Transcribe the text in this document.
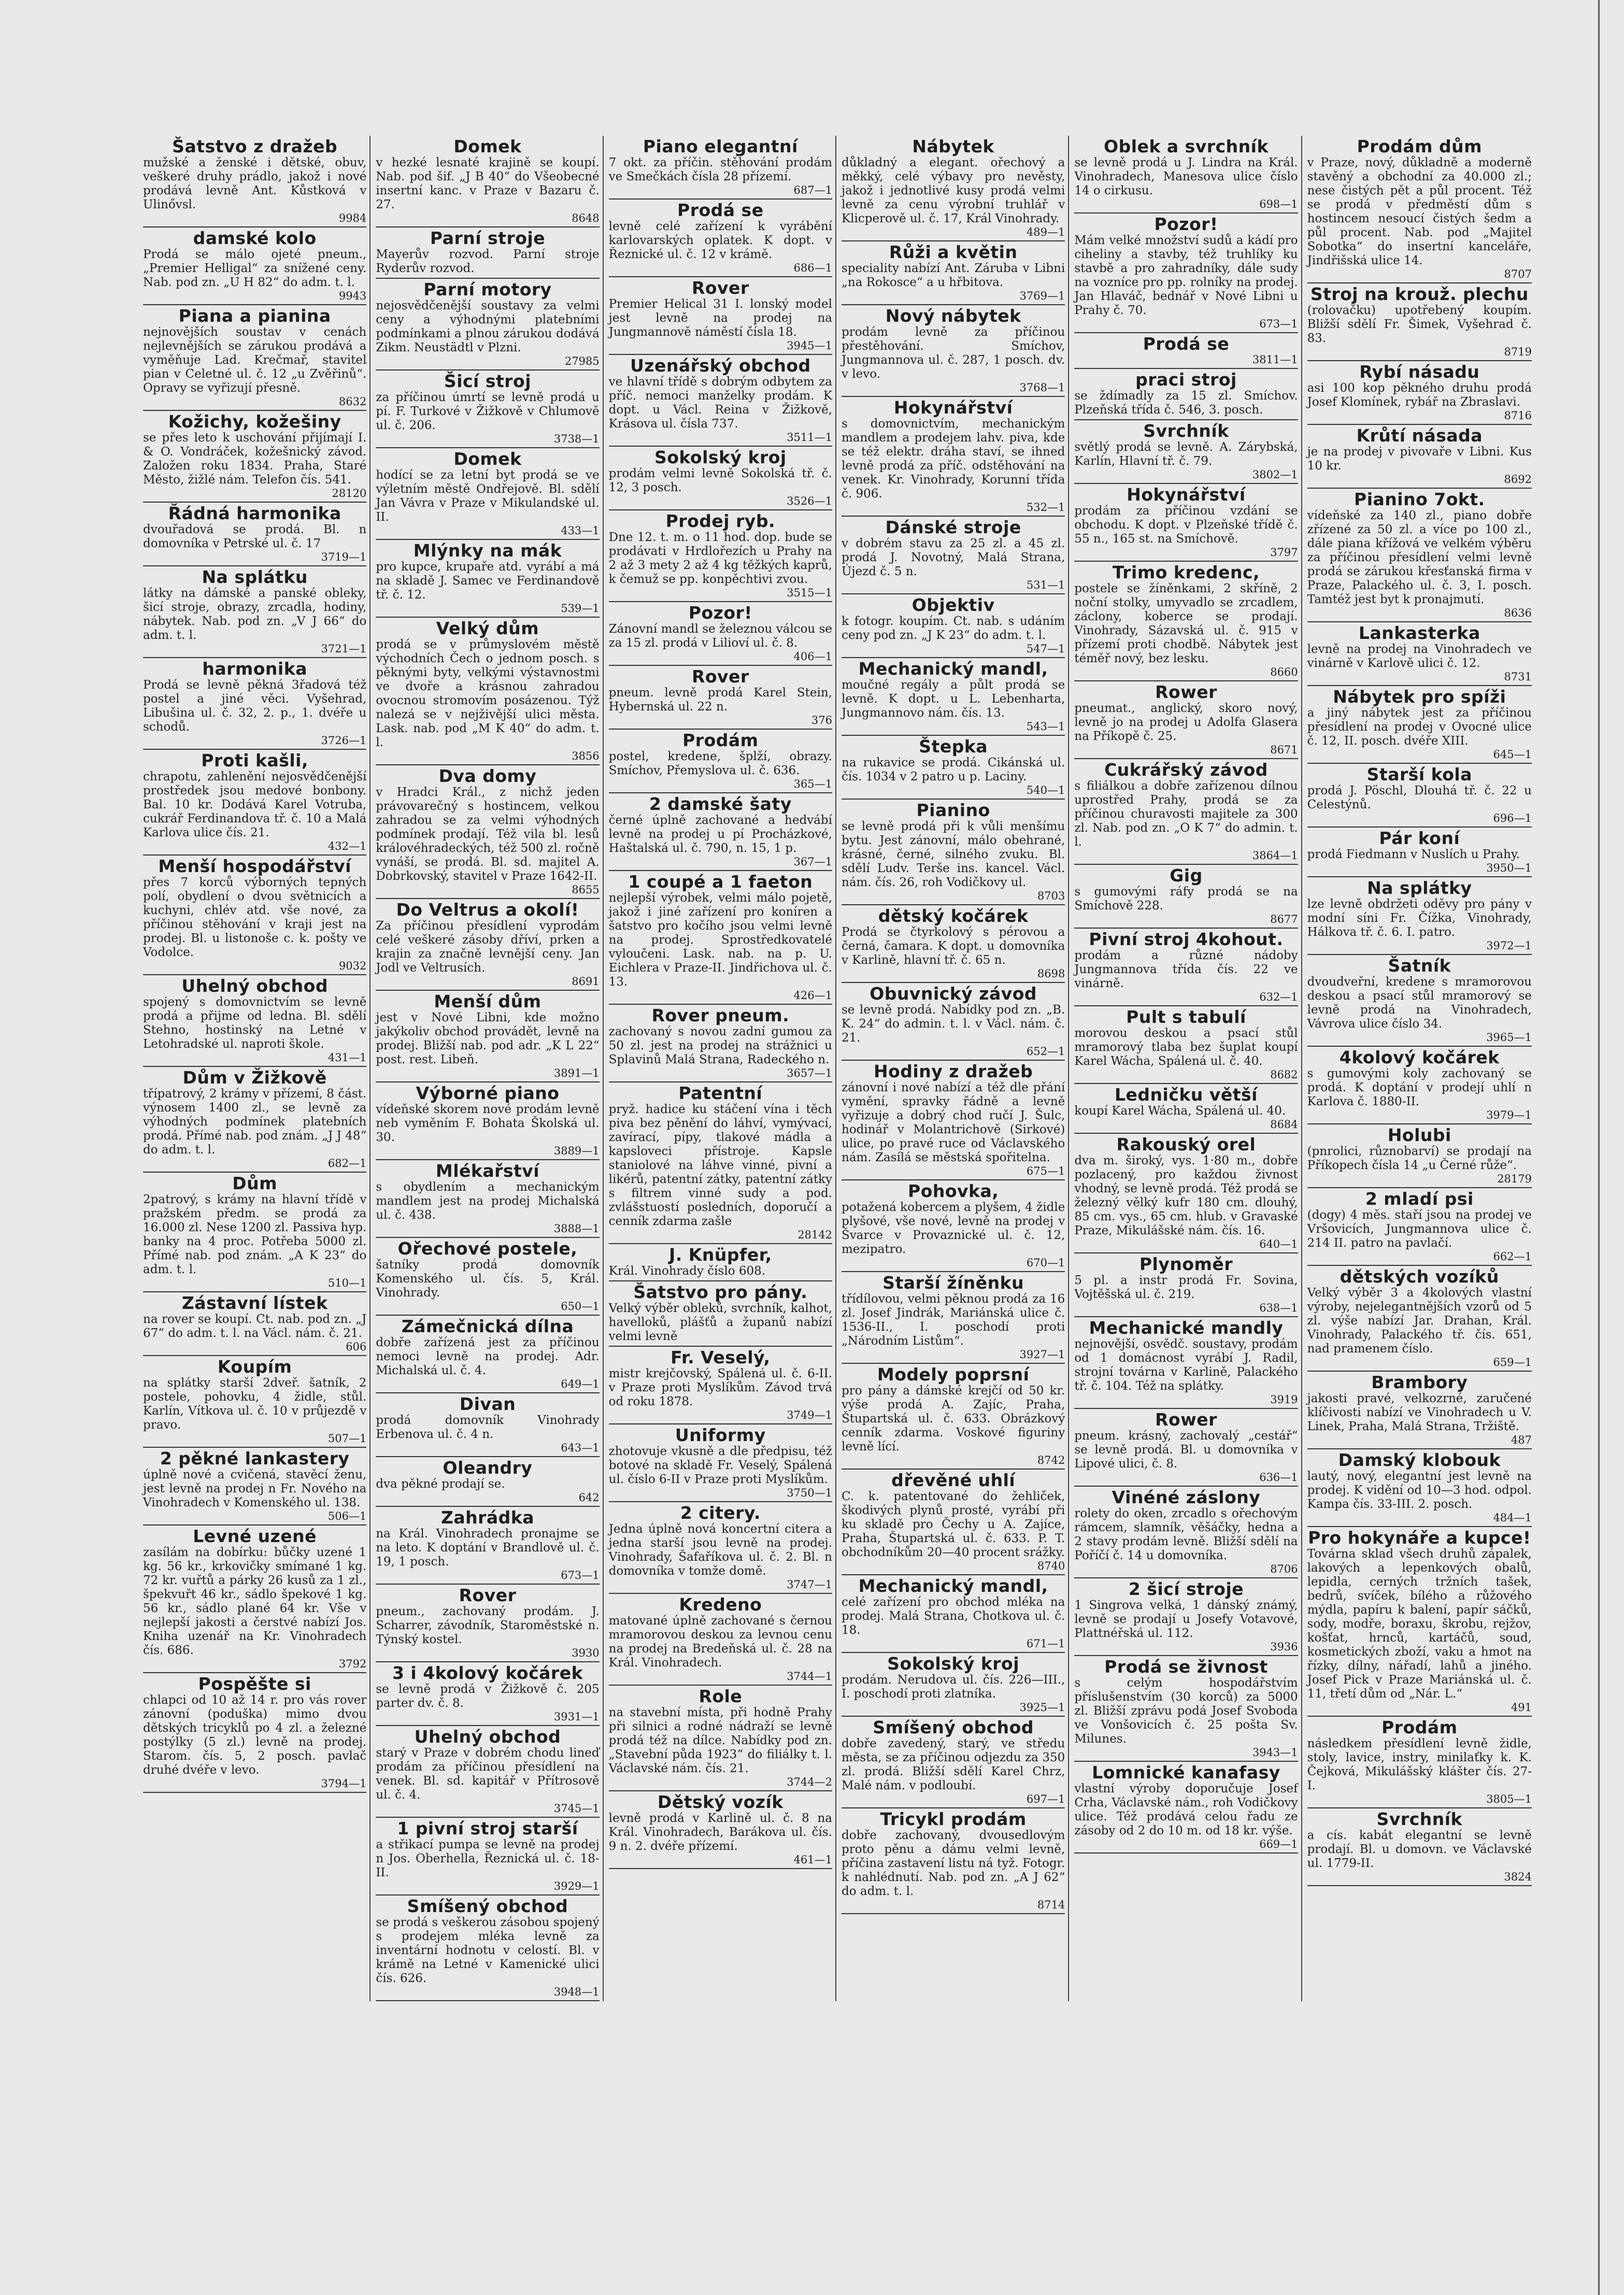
Šatstvo z dražeb
mužské a ženské i dětské, obuv, veškeré druhy prádlo, jakož i nové prodává levně Ant. Kůstková v Ulinővsl.
9984
damské kolo
Prodá se málo ojeté pneum., „Premier Helligal“ za snížené ceny. Nab. pod zn. „U H 82“ do adm. t. l.
9943
Piana a pianina
nejnovějších soustav v cenách nejlevnějších se zárukou prodává a vyměňuje Lad. Krečmař, stavitel pian v Celetné ul. č. 12 „u Zvěřinů“. Opravy se vyřizují přesně.
8632
Kožichy, kožešiny
se přes leto k uschování přijímají I. & O. Vondráček, kožešnický závod. Založen roku 1834. Praha, Staré Město, žižlé nám. Telefon čís. 541.
28120
Řádná harmonika
dvouřadová se prodá. Bl. n domovníka v Petrské ul. č. 17
3719—1
Na splátku
látky na dámské a panské obleky, šicí stroje, obrazy, zrcadla, hodiny, nábytek. Nab. pod zn. „V J 66“ do adm. t. l.
3721—1
harmonika
Prodá se levně pěkná 3řadová též postel a jiné věci. Vyšehrad, Libušina ul. č. 32, 2. p., 1. dvéře u schodů.
3726—1
Proti kašli,
chrapotu, zahlenění nejosvědčenější prostředek jsou medové bonbony. Bal. 10 kr. Dodává Karel Votruba, cukrář Ferdinandova tř. č. 10 a Malá Karlova ulice čís. 21.
432—1
Menší hospodářství
přes 7 korců výborných tepných polí, obydlení o dvou světnicích a kuchyni, chlév atd. vše nové, za příčinou stěhování v kraji jest na prodej. Bl. u listonoše c. k. pošty ve Vodolce.
9032
Uhelný obchod
spojený s domovnictvím se levně prodá a přijme od ledna. Bl. sdělí Stehno, hostinský na Letné v Letohradské ul. naproti škole.
431—1
Dům v Žižkově
třípatrový, 2 krámy v přízemí, 8 část. výnosem 1400 zl., se levně za výhodných podmínek platebních prodá. Přímé nab. pod znám. „J J 48“ do adm. t. l.
682—1
Dům
2patrový, s krámy na hlavní třídě v pražském předm. se prodá za 16.000 zl. Nese 1200 zl. Passiva hyp. banky na 4 proc. Potřeba 5000 zl. Přímé nab. pod znám. „A K 23“ do adm. t. l.
510—1
Zástavní lístek
na rover se koupí. Ct. nab. pod zn. „J 67“ do adm. t. l. na Václ. nám. č. 21.
606
Koupím
na splátky starší 2dveř. šatník, 2 postele, pohovku, 4 židle, stůl. Karlín, Vítkova ul. č. 10 v průjezdě v pravo.
507—1
2 pěkné lankastery
úplně nové a cvičená, stavěcí ženu, jest levně na prodej n Fr. Nového na Vinohradech v Komenského ul. 138.
506—1
Levné uzené
zasílám na dobírku: bůčky uzené 1 kg. 56 kr., krkovičky smímané 1 kg. 72 kr. vuřtů a párky 26 kusů za 1 zl., špekvuřt 46 kr., sádlo špekové 1 kg. 56 kr., sádlo plané 64 kr. Vše v nejlepší jakosti a čerstvé nabízí Jos. Kniha uzenář na Kr. Vinohradech čís. 686.
3792
Pospěšte si
chlapci od 10 až 14 r. pro vás rover zánovní (poduška) mimo dvou dětských tricyklů po 4 zl. a železné postýlky (5 zl.) levně na prodej. Starom. čís. 5, 2 posch. pavlač druhé dvéře v levo.
3794—1
Domek
v hezké lesnaté krajině se koupí. Nab. pod šif. „J B 40“ do Všeobecné insertní kanc. v Praze v Bazaru č. 27.
8648
Parní stroje
Mayerův rozvod. Parní stroje Ryderův rozvod.
Parní motory
nejosvědčenější soustavy za velmi ceny a výhodnými platebními podmínkami a plnou zárukou dodává Zikm. Neustädtl v Plzni.
27985
Šicí stroj
za příčinou úmrtí se levně prodá u pí. F. Turkové v Žižkově v Chlumově ul. č. 206.
3738—1
Domek
hodící se za letní byt prodá se ve výletním městě Ondřejově. Bl. sdělí Jan Vávra v Praze v Mikulandské ul. II.
433—1
Mlýnky na mák
pro kupce, krupaře atd. vyrábí a má na skladě J. Samec ve Ferdinandově tř. č. 12.
539—1
Velký dům
prodá se v průmyslovém městě východních Čech o jednom posch. s pěknými byty, velkými výstavnostmi ve dvoře a krásnou zahradou ovocnou stromovím posázenou. Týž nalezá se v nejživější ulici města. Lask. nab. pod „M K 40“ do adm. t. l.
3856
Dva domy
v Hradci Král., z nichž jeden právovarečný s hostincem, velkou zahradou se za velmi výhodných podmínek prodají. Též vila bl. lesů královéhradeckých, též 500 zl. ročně vynáší, se prodá. Bl. sd. majitel A. Dobrkovský, stavitel v Praze 1642-II.
8655
Do Veltrus a okolí!
Za příčinou přesídlení vyprodám celé veškeré zásoby dříví, prken a krajin za značně levnější ceny. Jan Jodl ve Veltrusích.
8691
Menší dům
jest v Nové Libni, kde možno jakýkoliv obchod provádět, levně na prodej. Bližší nab. pod adr. „K L 22“ post. rest. Libeň.
3891—1
Výborné piano
vídeňské skorem nové prodám levně neb vyměním F. Bohata Školská ul. 30.
3889—1
Mlékařství
s obydlením a mechanickým mandlem jest na prodej Michalská ul. č. 438.
3888—1
Ořechové postele,
šatníky prodá domovník Komenského ul. čís. 5, Král. Vinohrady.
650—1
Zámečnická dílna
dobře zařízená jest za příčinou nemoci levně na prodej. Adr. Michalská ul. č. 4.
649—1
Divan
prodá domovník Vinohrady Erbenova ul. č. 4 n.
643—1
Oleandry
dva pěkné prodají se.
642
Zahrádka
na Král. Vinohradech pronajme se na leto. K doptání v Brandlově ul. č. 19, 1 posch.
673—1
Rover
pneum., zachovaný prodám. J. Scharrer, závodník, Staroměstské n. Týnský kostel.
3930
3 i 4kolový kočárek
se levně prodá v Žižkově č. 205 parter dv. č. 8.
3931—1
Uhelný obchod
starý v Praze v dobrém chodu lineď prodám za příčinou přesídlení na venek. Bl. sd. kapitář v Přítrosově ul. č. 4.
3745—1
1 pivní stroj starší
a střikací pumpa se levně na prodej n Jos. Oberhella, Řeznická ul. č. 18-II.
3929—1
Smíšený obchod
se prodá s veškerou zásobou spojený s prodejem mléka levně za inventární hodnotu v celostí. Bl. v krámě na Letné v Kamenické ulici čís. 626.
3948—1
Piano elegantní
7 okt. za příčin. stěhování prodám ve Smečkách čísla 28 přízemí.
687—1
Prodá se
levně celé zařízení k vyrábění karlovarských oplatek. K dopt. v Řeznické ul. č. 12 v krámě.
686—1
Rover
Premier Helical 31 I. lonský model jest levně na prodej na Jungmannově náměstí čísla 18.
3945—1
Uzenářský obchod
ve hlavní třídě s dobrým odbytem za příč. nemoci manželky prodám. K dopt. u Václ. Reina v Žižkově, Krásova ul. čísla 737.
3511—1
Sokolský kroj
prodám velmi levně Sokolská tř. č. 12, 3 posch.
3526—1
Prodej ryb.
Dne 12. t. m. o 11 hod. dop. bude se prodávati v Hrdlořezích u Prahy na 2 až 3 mety 2 až 4 kg těžkých kaprů, k čemuž se pp. konpěchtivi zvou.
3515—1
Pozor!
Zánovní mandl se železnou válcou se za 15 zl. prodá v Lilioví ul. č. 8.
406—1
Rover
pneum. levně prodá Karel Stein, Hybernská ul. 22 n.
376
Prodám
postel, kredene, šplží, obrazy. Smíchov, Přemyslova ul. č. 636.
365—1
2 damské šaty
černé úplně zachované a hedvábí levně na prodej u pí Procházkové, Haštalská ul. č. 790, n. 15, 1 p.
367—1
1 coupé a 1 faeton
nejlepší výrobek, velmi málo pojetě, jakož i jiné zařízení pro koníren a šatstvo pro kočího jsou velmi levně na prodej. Sprostředkovatelé vyloučeni. Lask. nab. na p. U. Eichlera v Praze-II. Jindřichova ul. č. 13.
426—1
Rover pneum.
zachovaný s novou zadní gumou za 50 zl. jest na prodej na strážnici u Splavinů Malá Strana, Radeckého n.
3657—1
Patentní
pryž. hadice ku stáčení vína i těch piva bez pěnění do láhví, vymývací, zavírací, pípy, tlakové mádla a kapsloveci přístroje. Kapsle staniolové na láhve vinné, pivní a likérů, patentní zátky, patentní zátky s filtrem vinné sudy a pod. zvlášstuostí posledních, doporučí a cenník zdarma zašle
28142
J. Knüpfer,
Král. Vinohrady číslo 608.
Šatstvo pro pány.
Velký výběr obleků, svrchník, kalhot, havelloků, plášťů a županů nabízí velmi levně
Fr. Veselý,
mistr krejčovský, Spálená ul. č. 6-II. v Praze proti Myslíkům. Závod trvá od roku 1878.
3749—1
Uniformy
zhotovuje vkusně a dle předpisu, též botové na skladě Fr. Veselý, Spálená ul. číslo 6-II v Praze proti Myslíkům.
3750—1
2 citery.
Jedna úplně nová koncertní citera a jedna starší jsou levně na prodej. Vinohrady, Šafaříkova ul. č. 2. Bl. n domovníka v tomže domě.
3747—1
Kredeno
matované úplně zachované s černou mramorovou deskou za levnou cenu na prodej na Bredeňská ul. č. 28 na Král. Vinohradech.
3744—1
Role
na stavební místa, při hodně Prahy při silnici a rodné nádraží se levně prodá též na dílce. Nabídky pod zn. „Stavební půda 1923“ do filiálky t. l. Václavské nám. čís. 21.
3744—2
Dětský vozík
levně prodá v Karlině ul. č. 8 na Král. Vinohradech, Barákova ul. čís. 9 n. 2. dvéře přízemí.
461—1
Nábytek
důkladný a elegant. ořechový a měkký, celé výbavy pro nevěsty, jakož i jednotlivé kusy prodá velmi levně za cenu výrobní truhlář v Klicperově ul. č. 17, Král Vinohrady.
489—1
Růži a květin
speciality nabízí Ant. Záruba v Libni „na Rokosce“ a u hřbitova.
3769—1
Nový nábytek
prodám levně za příčinou přestěhování. Smíchov, Jungmannova ul. č. 287, 1 posch. dv. v levo.
3768—1
Hokynářství
s domovnictvím, mechanickým mandlem a prodejem lahv. piva, kde se též elektr. dráha staví, se ihned levně prodá za příč. odstěhování na venek. Kr. Vinohrady, Korunní třída č. 906.
532—1
Dánské stroje
v dobrém stavu za 25 zl. a 45 zl. prodá J. Novotný, Malá Strana, Újezd č. 5 n.
531—1
Objektiv
k fotogr. koupím. Ct. nab. s udáním ceny pod zn. „J K 23“ do adm. t. l.
547—1
Mechanický mandl,
moučné regály a půlt prodá se levně. K dopt. u L. Lebenharta, Jungmannovo nám. čís. 13.
543—1
Štepka
na rukavice se prodá. Cikánská ul. čís. 1034 v 2 patro u p. Laciny.
540—1
Pianino
se levně prodá při k vůli menšímu bytu. Jest zánovní, málo obehrané, krásné, černé, silného zvuku. Bl. sdělí Ludv. Terše ins. kancel. Václ. nám. čís. 26, roh Vodičkovy ul.
8703
dětský kočárek
Prodá se čtyrkolový s pérovou a černá, čamara. K dopt. u domovníka v Karlině, hlavní tř. č. 65 n.
8698
Obuvnický závod
se levně prodá. Nabídky pod zn. „B. K. 24“ do admin. t. l. v Václ. nám. č. 21.
652—1
Hodiny z dražeb
zánovní i nové nabízí a též dle přání vymění, spravky řádně a levně vyřizuje a dobrý chod ručí J. Šulc, hodinář v Molantrichově (Sirkové) ulice, po pravé ruce od Václavského nám. Zasílá se městská spořitelna.
675—1
Pohovka,
potažená kobercem a plyšem, 4 židle plyšové, vše nové, levně na prodej v Švarce v Provaznické ul. č. 12, mezipatro.
670—1
Starší žíněnku
třídílovou, velmi pěknou prodá za 16 zl. Josef Jindrák, Mariánská ulice č. 1536-II., I. poschodí proti „Národním Listům“.
3927—1
Modely poprsní
pro pány a dámské krejčí od 50 kr. výše prodá A. Zajíc, Praha, Štupartská ul. č. 633. Obrázkový cenník zdarma. Voskové figuriny levně lící.
8742
dřevěné uhlí
C. k. patentované do žehliček, škodivých plynů prosté, vyrábí při ku skladě pro Čechy u A. Zajíce, Praha, Štupartská ul. č. 633. P. T. obchodníkům 20—40 procent srážky.
8740
Mechanický mandl,
celé zařízení pro obchod mléka na prodej. Malá Strana, Chotkova ul. č. 18.
671—1
Sokolský kroj
prodám. Nerudova ul. čís. 226—III., I. poschodí proti zlatníka.
3925—1
Smíšený obchod
dobře zavedený, starý, ve středu města, se za příčinou odjezdu za 350 zl. prodá. Bližší sdělí Karel Chrz, Malé nám. v podloubí.
697—1
Tricykl prodám
dobře zachovaný, dvousedlovým proto pěnu a dámu velmi levně, příčina zastavení listu ná tyž. Fotogr. k nahlédnutí. Nab. pod zn. „A J 62“ do adm. t. l.
8714
Oblek a svrchník
se levně prodá u J. Lindra na Král. Vinohradech, Manesova ulice číslo 14 o cirkusu.
698—1
Pozor!
Mám velké množství sudů a kádí pro ciheliny a stavby, též truhlíky ku stavbě a pro zahradníky, dále sudy na vozníce pro pp. rolníky na prodej. Jan Hlaváč, bednář v Nové Libni u Prahy č. 70.
673—1
Prodá se
3811—1
praci stroj
se ždímadly za 15 zl. Smíchov. Plzeňská třída č. 546, 3. posch.
Svrchník
světlý prodá se levně. A. Zárybská, Karlín, Hlavní tř. č. 79.
3802—1
Hokynářství
prodám za příčinou vzdání se obchodu. K dopt. v Plzeňské třídě č. 55 n., 165 st. na Smíchově.
3797
Trimo kredenc,
postele se žíněnkami, 2 skříně, 2 noční stolky, umyvadlo se zrcadlem, záclony, koberce se prodají. Vinohrady, Sázavská ul. č. 915 v přízemí proti chodbě. Nábytek jest téměř nový, bez lesku.
8660
Rower
pneumat., anglický, skoro nový, levně jo na prodej u Adolfa Glasera na Příkopě č. 25.
8671
Cukrářský závod
s filiálkou a dobře zařízenou dílnou uprostřed Prahy, prodá se za příčinou churavosti majitele za 300 zl. Nab. pod zn. „O K 7“ do admin. t. l.
3864—1
Gig
s gumovými ráfy prodá se na Smíchově 228.
8677
Pivní stroj 4kohout.
prodám a různé nádoby Jungmannova třída čís. 22 ve vinárně.
632—1
Pult s tabulí
morovou deskou a psací stůl mramorový tlaba bez šuplat koupí Karel Wácha, Spálená ul. č. 40.
8682
Ledničku větší
koupí Karel Wácha, Spálená ul. 40.
8684
Rakouský orel
dva m. široký, vys. 1·80 m., dobře pozlacený, pro každou živnost vhodný, se levně prodá. Též prodá se železný vělký kufr 180 cm. dlouhý, 85 cm. vys., 65 cm. hlub. v Gravaské Praze, Mikulášské nám. čís. 16.
640—1
Plynoměr
5 pl. a instr prodá Fr. Sovina, Vojtěšská ul. č. 219.
638—1
Mechanické mandly
nejnovější, osvědč. soustavy, prodám od 1 domácnost vyrábí J. Radil, strojní továrna v Karlině, Palackého tř. č. 104. Též na splátky.
3919
Rower
pneum. krásný, zachovalý „cestář“ se levně prodá. Bl. u domovníka v Lipové ulici, č. 8.
636—1
Vinéné záslony
rolety do oken, zrcadlo s ořechovým rámcem, slamník, věšáčky, hedna a 2 stavy prodám levně. Bližší sdělí na Poříčí č. 14 u domovníka.
8706
2 šicí stroje
1 Singrova velká, 1 dánský známý, levně se prodají u Josefy Votavové, Plattnéřská ul. 112.
3936
Prodá se živnost
s celým hospodářstvím příslušenstvím (30 korců) za 5000 zl. Bližší zprávu podá Josef Svoboda ve Vonšovicích č. 25 pošta Sv. Milunes.
3943—1
Lomnické kanafasy
vlastní výroby doporučuje Josef Crha, Václavské nám., roh Vodičkovy ulice. Též prodává celou řadu ze zásoby od 2 do 10 m. od 18 kr. výše.
669—1
Prodám dům
v Praze, nový, důkladně a moderně stavěný a obchodní za 40.000 zl.; nese čistých pět a půl procent. Též se prodá v předměstí dům s hostincem nesoucí čistých šedm a půl procent. Nab. pod „Majitel Sobotka“ do insertní kanceláře, Jindřišská ulice 14.
8707
Stroj na krouž. plechu
(rolovačku) upotřebený koupím. Bližší sdělí Fr. Šimek, Vyšehrad č. 83.
8719
Rybí násadu
asi 100 kop pěkného druhu prodá Josef Klomínek, rybář na Zbraslavi.
8716
Krůtí násada
je na prodej v pivovaře v Libni. Kus 10 kr.
8692
Pianino 7okt.
vídeňské za 140 zl., piano dobře zřízené za 50 zl. a více po 100 zl., dále piana křížová ve velkém výběru za příčinou přesídlení velmi levně prodá se zárukou křesťanská firma v Praze, Palackého ul. č. 3, I. posch. Tamtéž jest byt k pronajmutí.
8636
Lankasterka
levně na prodej na Vinohradech ve vinárně v Karlově ulici č. 12.
8731
Nábytek pro spíži
a jiný nábytek jest za příčinou přesídlení na prodej v Ovocné ulice č. 12, II. posch. dvéře XIII.
645—1
Starší kola
prodá J. Pöschl, Dlouhá tř. č. 22 u Celestýnů.
696—1
Pár koní
prodá Fiedmann v Nuslích u Prahy.
3950—1
Na splátky
lze levně obdržeti oděvy pro pány v modní síni Fr. Čížka, Vinohrady, Hálkova tř. č. 6. I. patro.
3972—1
Šatník
dvoudveřní, kredene s mramorovou deskou a psací stůl mramorový se levně prodá na Vinohradech, Vávrova ulice číslo 34.
3965—1
4kolový kočárek
s gumovými koly zachovaný se prodá. K doptání v prodejí uhlí n Karlova č. 1880-II.
3979—1
Holubi
(pnrolici, různobarví) se prodají na Příkopech čísla 14 „u Černé růže“.
28179
2 mladí psi
(dogy) 4 měs. staří jsou na prodej ve Vršovicích, Jungmannova ulice č. 214 II. patro na pavlačí.
662—1
dětských vozíků
Velký výběr 3 a 4kolových vlastní výroby, nejelegantnějších vzorů od 5 zl. výše nabízí Jar. Drahan, Král. Vinohrady, Palackého tř. čís. 651, nad pramenem číslo.
659—1
Brambory
jakosti pravé, velkozrné, zaručené klíčivosti nabízí ve Vinohradech u V. Linek, Praha, Malá Strana, Tržiště.
487
Damský klobouk
lautý, nový, elegantní jest levně na prodej. K vidění od 10—3 hod. odpol. Kampa čís. 33-III. 2. posch.
484—1
Pro hokynáře a kupce!
Továrna sklad všech druhů zápalek, lakových a lepenkových obalů, lepidla, cerných tržních tašek, bedrů, svíček, bílého a růžového mýdla, papíru k balení, papír sáčků, sody, modře, boraxu, škrobu, rejžov, košťat, hrnců, kartáčů, soud, kosmetických zboží, vaku a hmot na řízky, dílny, nářadí, lahů a jiného. Josef Pick v Praze Mariánská ul. č. 11, třetí dům od „Nár. L.“
491
Prodám
následkem přesídlení levně židle, stoly, lavice, instry, minilaťky k. K. Čejková, Mikulášský klášter čís. 27-I.
3805—1
Svrchník
a cís. kabát elegantní se levně prodají. Bl. u domovn. ve Václavské ul. 1779-II.
3824
